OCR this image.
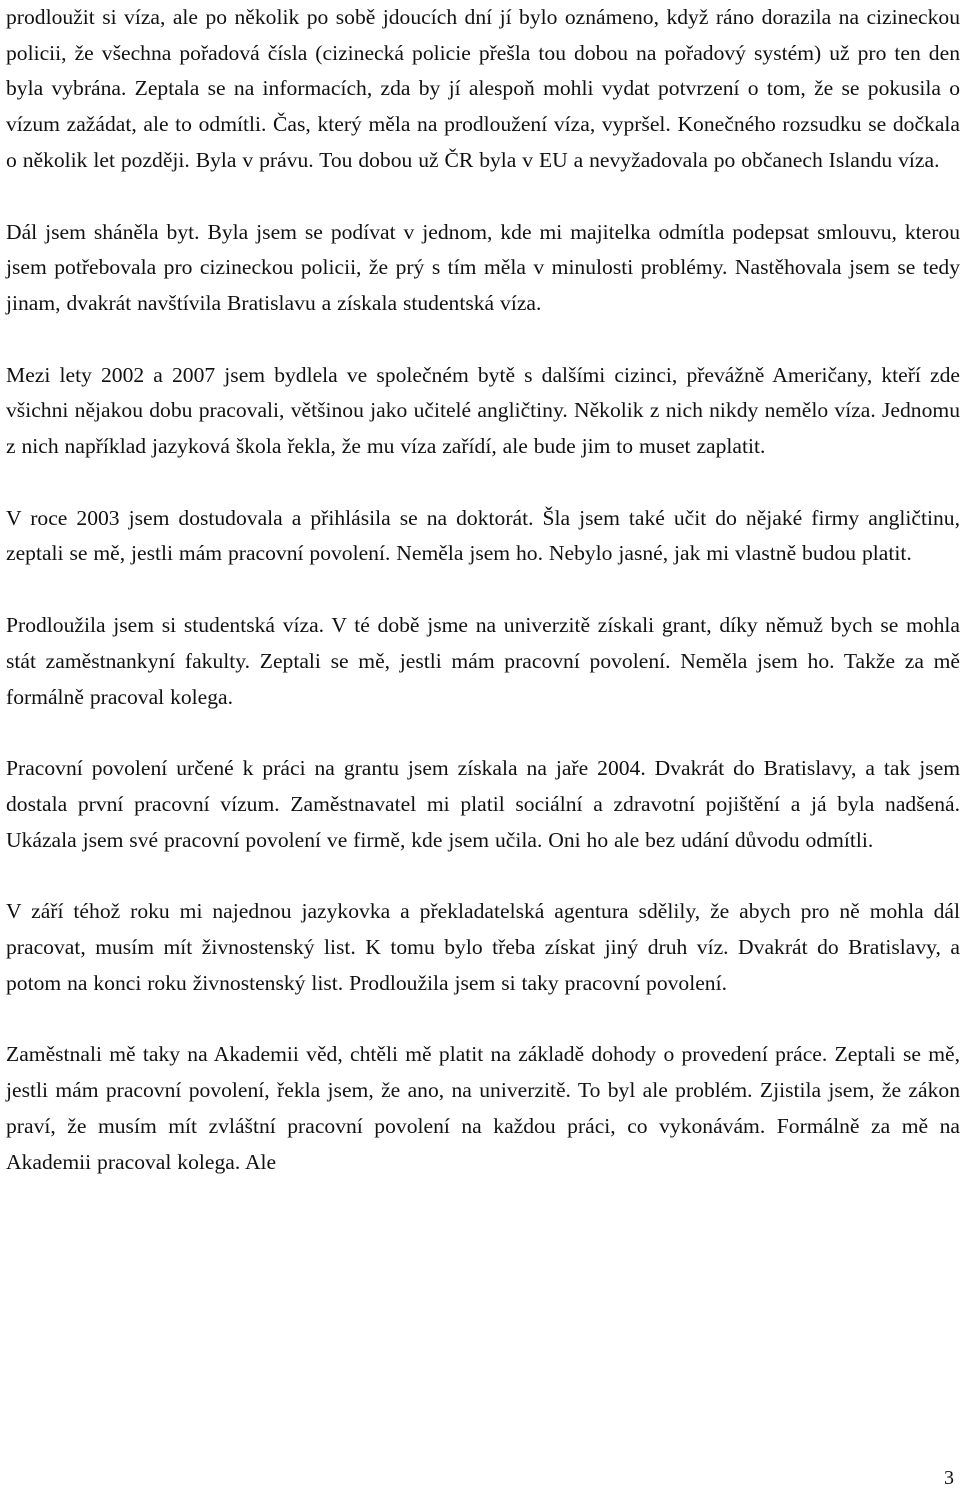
prodloužit si víza, ale po několik po sobě jdoucích dní jí bylo oznámeno, když ráno dorazila na cizineckou policii, že všechna pořadová čísla (cizinecká policie přešla tou dobou na pořadový systém) už pro ten den byla vybrána. Zeptala se na informacích, zda by jí alespoň mohli vydat potvrzení o tom, že se pokusila o vízum zažádat, ale to odmítli. Čas, který měla na prodloužení víza, vypršel. Konečného rozsudku se dočkala o několik let později. Byla v právu. Tou dobou už ČR byla v EU a nevyžadovala po občanech Islandu víza.

Dál jsem sháněla byt. Byla jsem se podívat v jednom, kde mi majitelka odmítla podepsat smlouvu, kterou jsem potřebovala pro cizineckou policii, že prý s tím měla v minulosti problémy. Nastěhovala jsem se tedy jinam, dvakrát navštívila Bratislavu a získala studentská víza.

Mezi lety 2002 a 2007 jsem bydlela ve společném bytě s dalšími cizinci, převážně Američany, kteří zde všichni nějakou dobu pracovali, většinou jako učitelé angličtiny. Několik z nich nikdy nemělo víza. Jednomu z nich například jazyková škola řekla, že mu víza zařídí, ale bude jim to muset zaplatit.

V roce 2003 jsem dostudovala a přihlásila se na doktorát. Šla jsem také učit do nějaké firmy angličtinu, zeptali se mě, jestli mám pracovní povolení. Neměla jsem ho. Nebylo jasné, jak mi vlastně budou platit.

Prodloužila jsem si studentská víza. V té době jsme na univerzitě získali grant, díky němuž bych se mohla stát zaměstnankyní fakulty. Zeptali se mě, jestli mám pracovní povolení. Neměla jsem ho. Takže za mě formálně pracoval kolega.

Pracovní povolení určené k práci na grantu jsem získala na jaře 2004. Dvakrát do Bratislavy, a tak jsem dostala první pracovní vízum. Zaměstnavatel mi platil sociální a zdravotní pojištění a já byla nadšená. Ukázala jsem své pracovní povolení ve firmě, kde jsem učila. Oni ho ale bez udání důvodu odmítli.

V září téhož roku mi najednou jazykovka a překladatelská agentura sdělily, že abych pro ně mohla dál pracovat, musím mít živnostenský list. K tomu bylo třeba získat jiný druh víz. Dvakrát do Bratislavy, a potom na konci roku živnostenský list. Prodloužila jsem si taky pracovní povolení.

Zaměstnali mě taky na Akademii věd, chtěli mě platit na základě dohody o provedení práce. Zeptali se mě, jestli mám pracovní povolení, řekla jsem, že ano, na univerzitě. To byl ale problém. Zjistila jsem, že zákon praví, že musím mít zvláštní pracovní povolení na každou práci, co vykonávám. Formálně za mě na Akademii pracoval kolega. Ale

3
